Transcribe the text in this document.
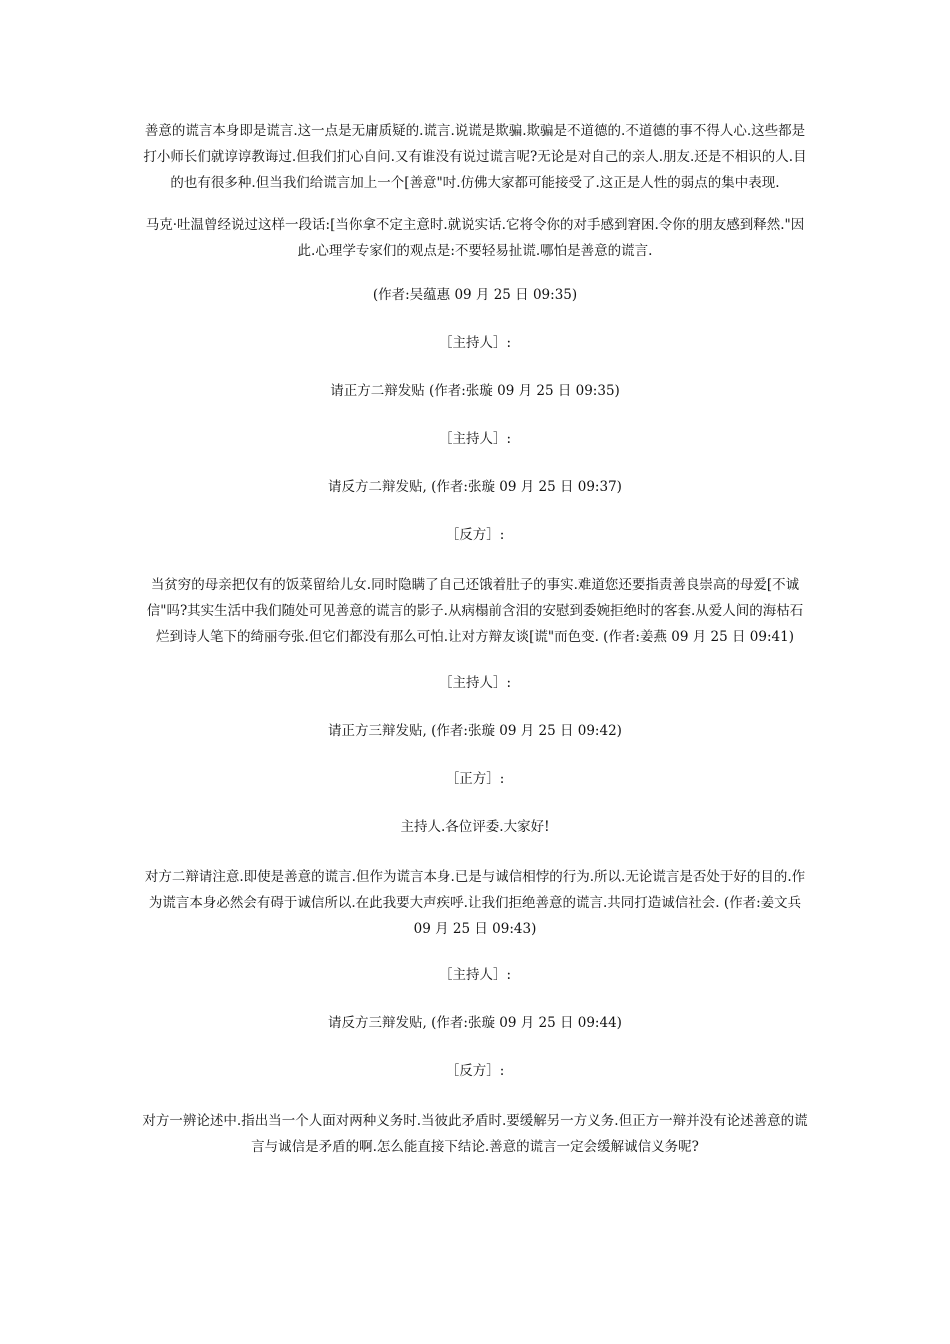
善意的谎言本身即是谎言.这一点是无庸质疑的.谎言.说谎是欺骗.欺骗是不道德的.不道德的事不得人心.这些都是打小师长们就谆谆教诲过.但我们扪心自问.又有谁没有说过谎言呢?无论是对自己的亲人.朋友.还是不相识的人.目的也有很多种.但当我们给谎言加上一个[善意"吋.仿佛大家都可能接受了.这正是人性的弱点的集中表现.

马克·吐温曾经说过这样一段话:[当你拿不定主意时.就说实话.它将令你的对手感到窘困.令你的朋友感到释然."因此.心理学专家们的观点是:不要轻易扯谎.哪怕是善意的谎言.

(作者:吴蕴惠 09 月 25 日 09:35)

［主持人］:

请正方二辩发贴 (作者:张璇 09 月 25 日 09:35)

［主持人］:

请反方二辩发贴, (作者:张璇 09 月 25 日 09:37)

［反方］:

当贫穷的母亲把仅有的饭菜留给儿女.同时隐瞒了自己还饿着肚子的事实.难道您还要指责善良崇高的母爱[不诚信"吗?其实生活中我们随处可见善意的谎言的影子.从病榻前含泪的安慰到委婉拒绝时的客套.从爱人间的海枯石烂到诗人笔下的绮丽夸张.但它们都没有那么可怕.让对方辩友谈[谎"而色变. (作者:姜燕 09 月 25 日 09:41)

［主持人］:

请正方三辩发贴, (作者:张璇 09 月 25 日 09:42)

［正方］:

主持人.各位评委.大家好!

对方二辩请注意.即使是善意的谎言.但作为谎言本身.已是与诚信相悖的行为.所以.无论谎言是否处于好的目的.作为谎言本身必然会有碍于诚信所以.在此我要大声疾呼.让我们拒绝善意的谎言.共同打造诚信社会. (作者:姜文兵 09 月 25 日 09:43)

［主持人］:

请反方三辩发贴, (作者:张璇 09 月 25 日 09:44)

［反方］:

对方一辨论述中.指出当一个人面对两种义务时.当彼此矛盾时.要缓解另一方义务.但正方一辩并没有论述善意的谎言与诚信是矛盾的啊.怎么能直接下结论.善意的谎言一定会缓解诚信义务呢?
